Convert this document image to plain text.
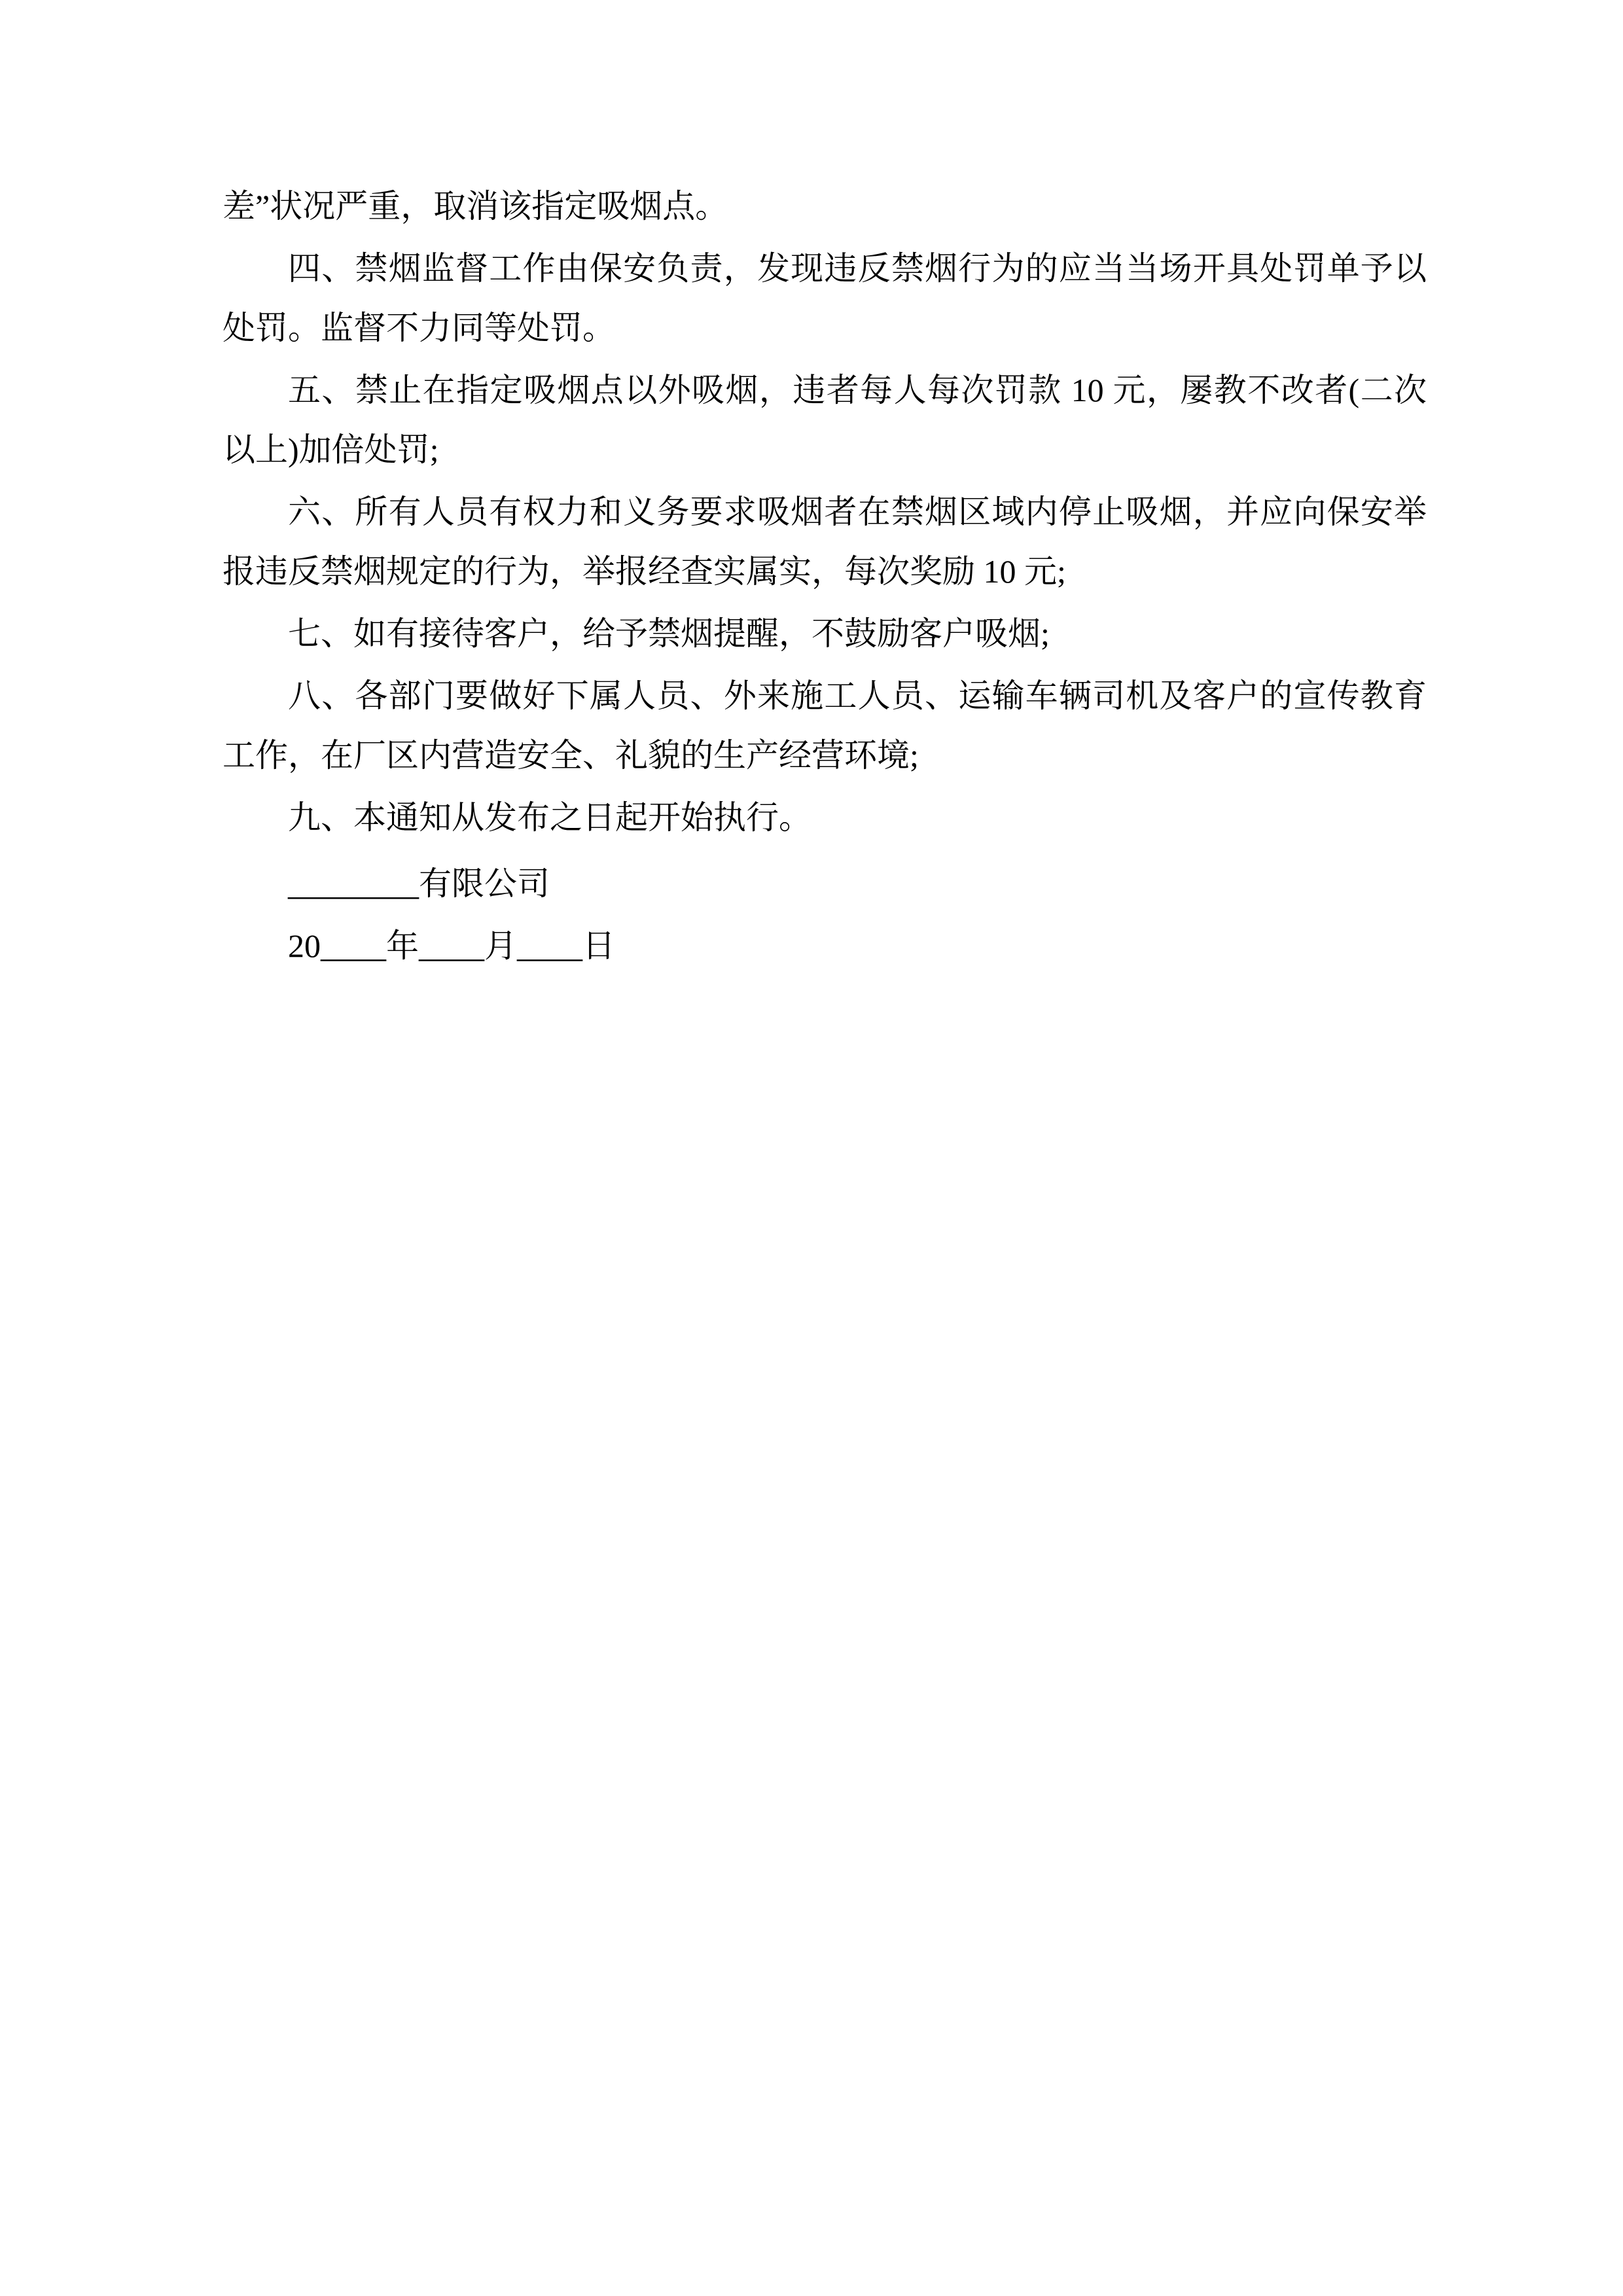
差”状况严重，取消该指定吸烟点。

四、禁烟监督工作由保安负责，发现违反禁烟行为的应当当场开具处罚单予以处罚。监督不力同等处罚。

五、禁止在指定吸烟点以外吸烟，违者每人每次罚款 10 元，屡教不改者(二次以上)加倍处罚;

六、所有人员有权力和义务要求吸烟者在禁烟区域内停止吸烟，并应向保安举报违反禁烟规定的行为，举报经查实属实，每次奖励 10 元;

七、如有接待客户，给予禁烟提醒，不鼓励客户吸烟;

八、各部门要做好下属人员、外来施工人员、运输车辆司机及客户的宣传教育工作，在厂区内营造安全、礼貌的生产经营环境;

九、本通知从发布之日起开始执行。

________有限公司

20____年____月____日
